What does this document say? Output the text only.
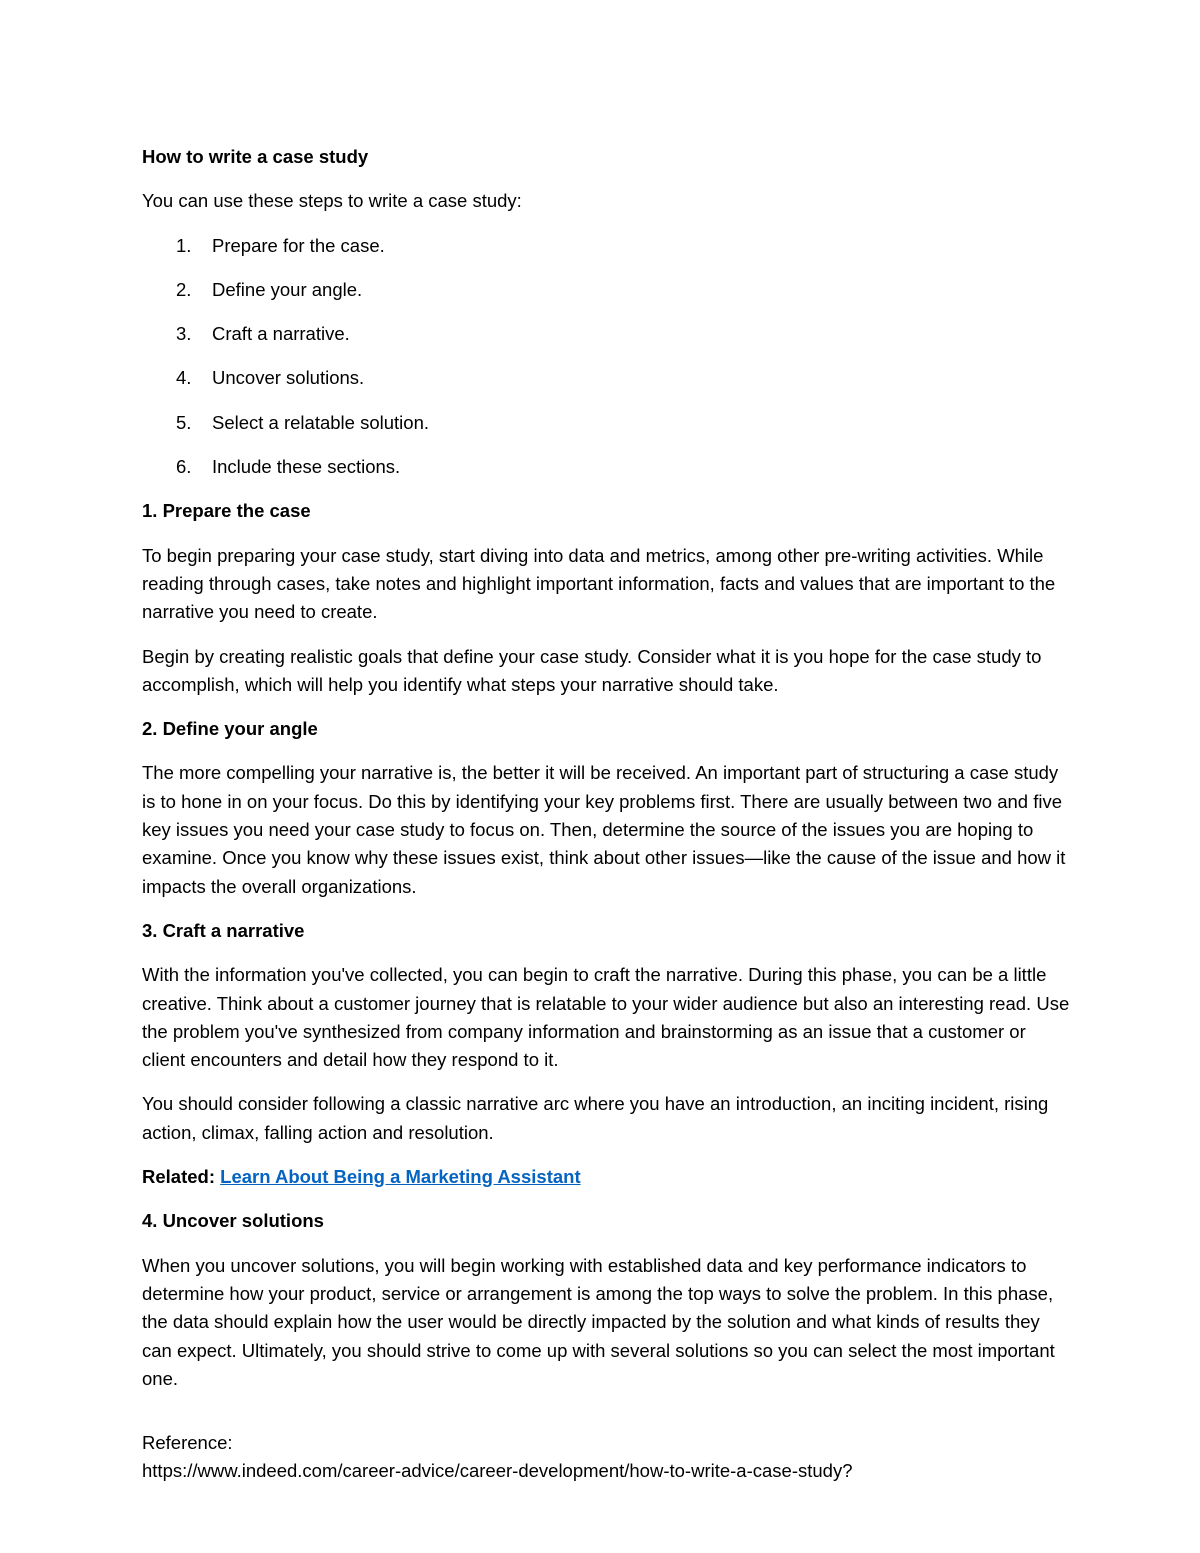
How to write a case study
You can use these steps to write a case study:
1.	Prepare for the case.
2.	Define your angle.
3.	Craft a narrative.
4.	Uncover solutions.
5.	Select a relatable solution.
6.	Include these sections.
1. Prepare the case
To begin preparing your case study, start diving into data and metrics, among other pre-writing activities. While reading through cases, take notes and highlight important information, facts and values that are important to the narrative you need to create.
Begin by creating realistic goals that define your case study. Consider what it is you hope for the case study to accomplish, which will help you identify what steps your narrative should take.
2. Define your angle
The more compelling your narrative is, the better it will be received. An important part of structuring a case study is to hone in on your focus. Do this by identifying your key problems first. There are usually between two and five key issues you need your case study to focus on. Then, determine the source of the issues you are hoping to examine. Once you know why these issues exist, think about other issues—like the cause of the issue and how it impacts the overall organizations.
3. Craft a narrative
With the information you've collected, you can begin to craft the narrative. During this phase, you can be a little creative. Think about a customer journey that is relatable to your wider audience but also an interesting read. Use the problem you've synthesized from company information and brainstorming as an issue that a customer or client encounters and detail how they respond to it.
You should consider following a classic narrative arc where you have an introduction, an inciting incident, rising action, climax, falling action and resolution.
Related: Learn About Being a Marketing Assistant
4. Uncover solutions
When you uncover solutions, you will begin working with established data and key performance indicators to determine how your product, service or arrangement is among the top ways to solve the problem. In this phase, the data should explain how the user would be directly impacted by the solution and what kinds of results they can expect. Ultimately, you should strive to come up with several solutions so you can select the most important one.
Reference:
https://www.indeed.com/career-advice/career-development/how-to-write-a-case-study?
